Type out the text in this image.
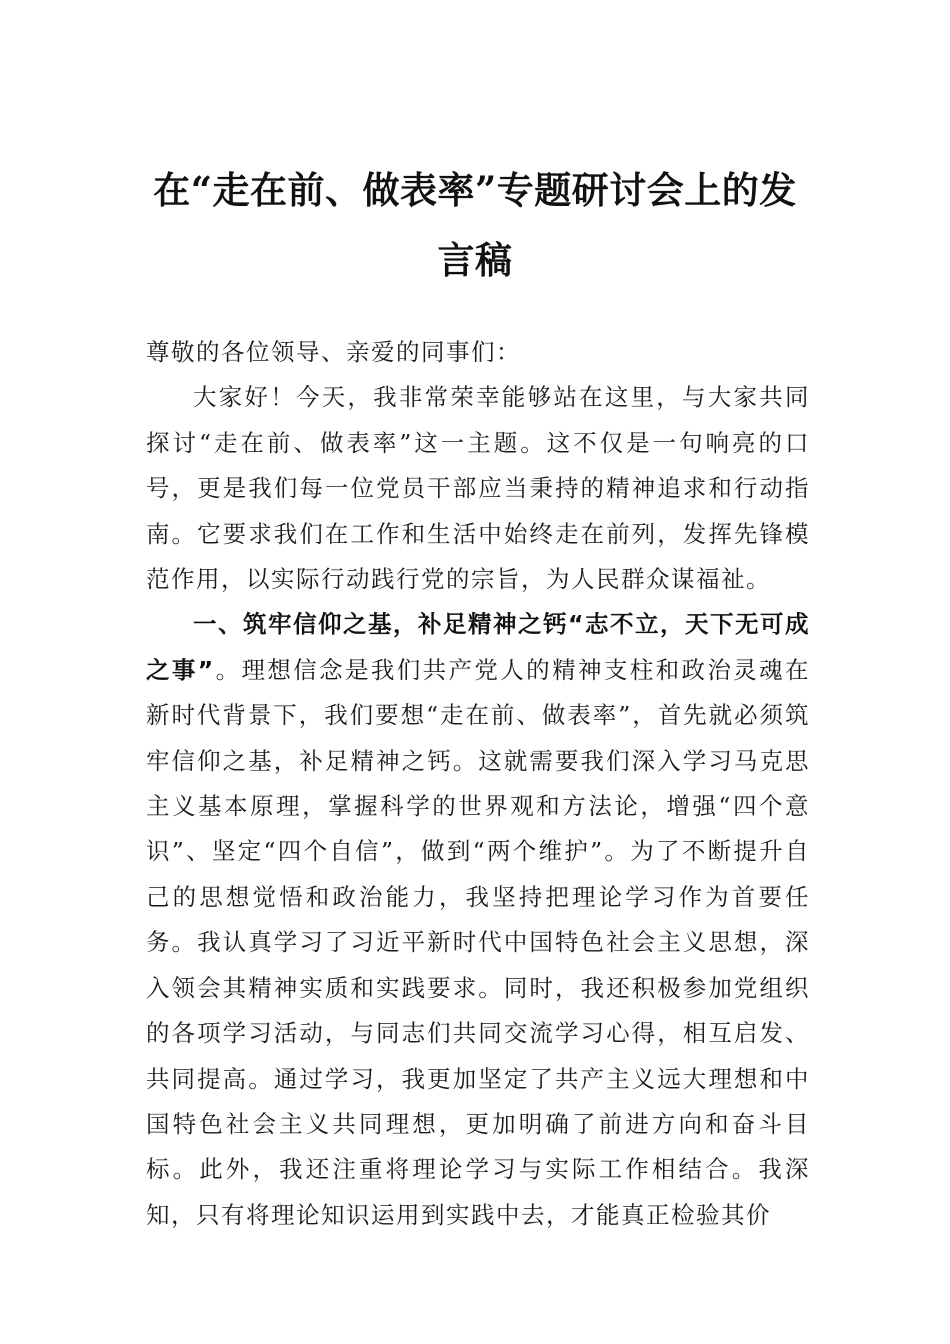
在“走在前、做表率”专题研讨会上的发言稿

尊敬的各位领导、亲爱的同事们：

大家好！今天，我非常荣幸能够站在这里，与大家共同探讨“走在前、做表率”这一主题。这不仅是一句响亮的口号，更是我们每一位党员干部应当秉持的精神追求和行动指南。它要求我们在工作和生活中始终走在前列，发挥先锋模范作用，以实际行动践行党的宗旨，为人民群众谋福祉。

一、筑牢信仰之基，补足精神之钙“志不立，天下无可成之事”。理想信念是我们共产党人的精神支柱和政治灵魂在新时代背景下，我们要想“走在前、做表率”，首先就必须筑牢信仰之基，补足精神之钙。这就需要我们深入学习马克思主义基本原理，掌握科学的世界观和方法论，增强“四个意识”、坚定“四个自信”，做到“两个维护”。为了不断提升自己的思想觉悟和政治能力，我坚持把理论学习作为首要任务。我认真学习了习近平新时代中国特色社会主义思想，深入领会其精神实质和实践要求。同时，我还积极参加党组织的各项学习活动，与同志们共同交流学习心得，相互启发、共同提高。通过学习，我更加坚定了共产主义远大理想和中国特色社会主义共同理想，更加明确了前进方向和奋斗目标。此外，我还注重将理论学习与实际工作相结合。我深知，只有将理论知识运用到实践中去，才能真正检验其价
